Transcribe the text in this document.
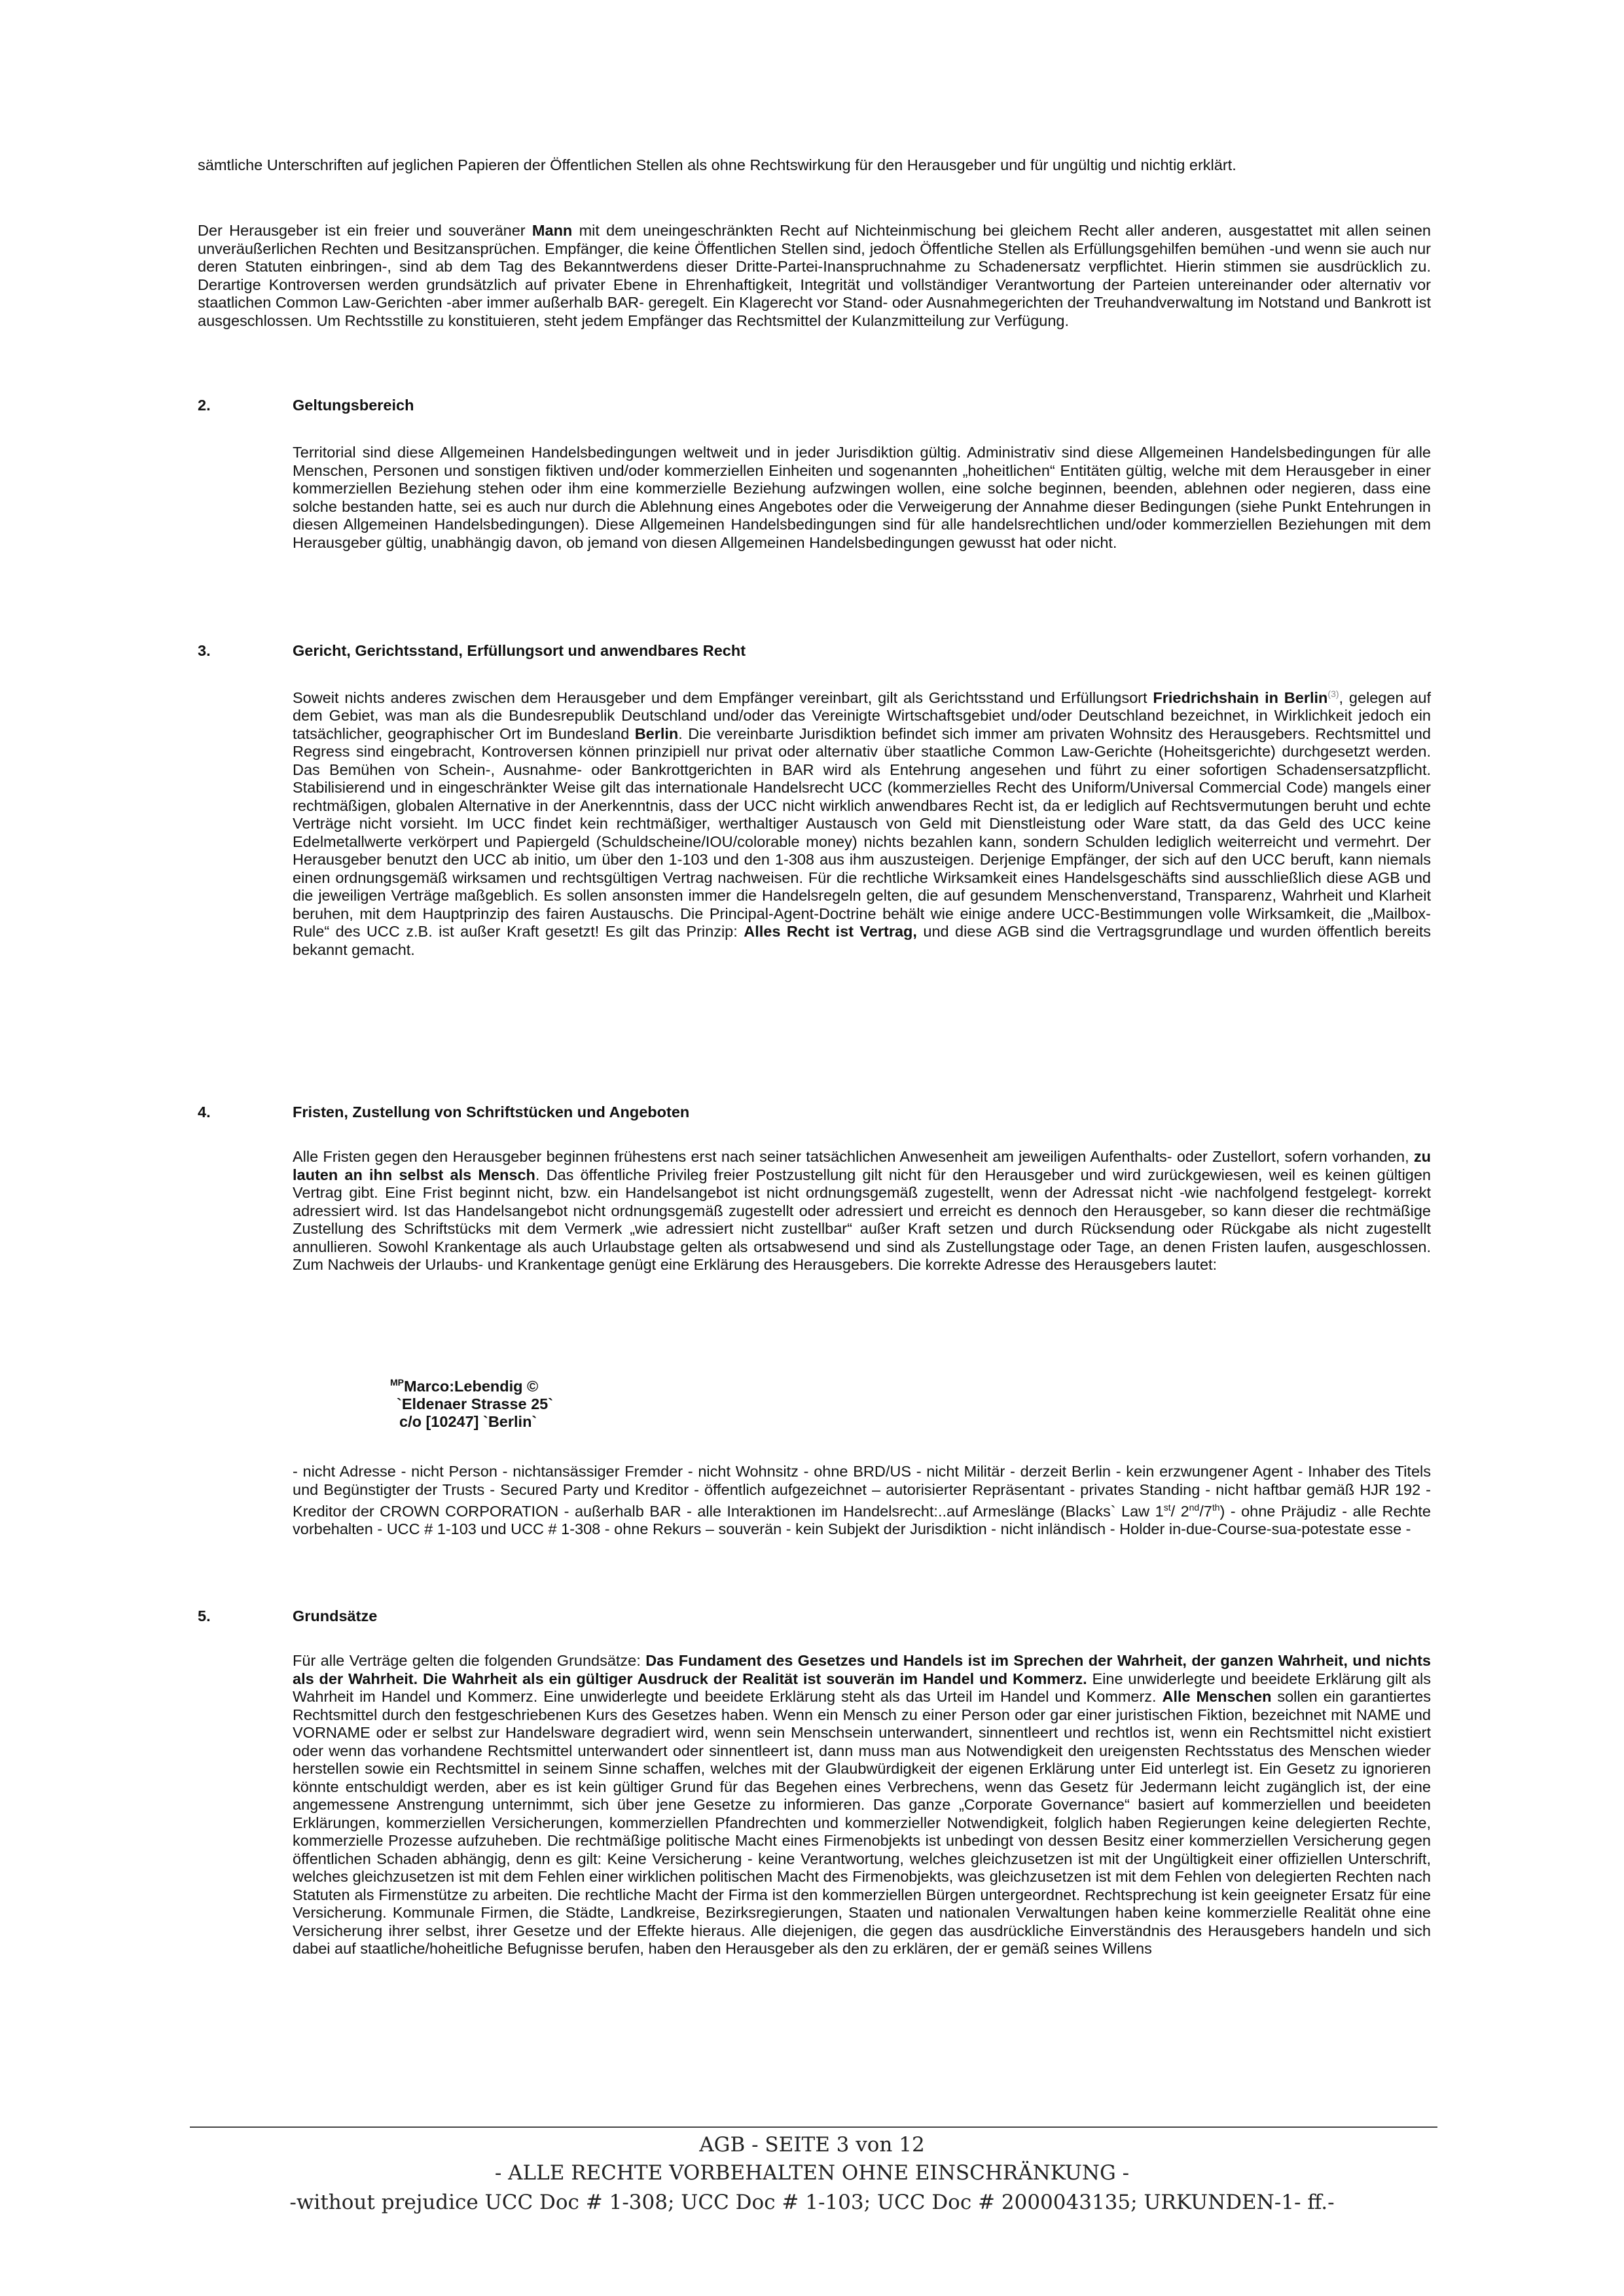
sämtliche Unterschriften auf jeglichen Papieren der Öffentlichen Stellen als ohne Rechtswirkung für den Herausgeber und für ungültig und nichtig erklärt.

Der Herausgeber ist ein freier und souveräner Mann mit dem uneingeschränkten Recht auf Nichteinmischung bei gleichem Recht aller anderen, ausgestattet mit allen seinen unveräußerlichen Rechten und Besitzansprüchen. Empfänger, die keine Öffentlichen Stellen sind, jedoch Öffentliche Stellen als Erfüllungsgehilfen bemühen -und wenn sie auch nur deren Statuten einbringen-, sind ab dem Tag des Bekanntwerdens dieser Dritte-Partei-Inanspruchnahme zu Schadenersatz verpflichtet. Hierin stimmen sie ausdrücklich zu. Derartige Kontroversen werden grundsätzlich auf privater Ebene in Ehrenhaftigkeit, Integrität und vollständiger Verantwortung der Parteien untereinander oder alternativ vor staatlichen Common Law-Gerichten -aber immer außerhalb BAR- geregelt. Ein Klagerecht vor Stand- oder Ausnahmegerichten der Treuhandverwaltung im Notstand und Bankrott ist ausgeschlossen. Um Rechtsstille zu konstituieren, steht jedem Empfänger das Rechtsmittel der Kulanzmitteilung zur Verfügung.

2.	Geltungsbereich

Territorial sind diese Allgemeinen Handelsbedingungen weltweit und in jeder Jurisdiktion gültig. Administrativ sind diese Allgemeinen Handelsbedingungen für alle Menschen, Personen und sonstigen fiktiven und/oder kommerziellen Einheiten und sogenannten „hoheitlichen“ Entitäten gültig, welche mit dem Herausgeber in einer kommerziellen Beziehung stehen oder ihm eine kommerzielle Beziehung aufzwingen wollen, eine solche beginnen, beenden, ablehnen oder negieren, dass eine solche bestanden hatte, sei es auch nur durch die Ablehnung eines Angebotes oder die Verweigerung der Annahme dieser Bedingungen (siehe Punkt Entehrungen in diesen Allgemeinen Handelsbedingungen). Diese Allgemeinen Handelsbedingungen sind für alle handelsrechtlichen und/oder kommerziellen Beziehungen mit dem Herausgeber gültig, unabhängig davon, ob jemand von diesen Allgemeinen Handelsbedingungen gewusst hat oder nicht.

3.	Gericht, Gerichtsstand, Erfüllungsort und anwendbares Recht

Soweit nichts anderes zwischen dem Herausgeber und dem Empfänger vereinbart, gilt als Gerichtsstand und Erfüllungsort Friedrichshain in Berlin$^{(3)}$, gelegen auf dem Gebiet, was man als die Bundesrepublik Deutschland und/oder das Vereinigte Wirtschaftsgebiet und/oder Deutschland bezeichnet, in Wirklichkeit jedoch ein tatsächlicher, geographischer Ort im Bundesland Berlin. Die vereinbarte Jurisdiktion befindet sich immer am privaten Wohnsitz des Herausgebers. Rechtsmittel und Regress sind eingebracht, Kontroversen können prinzipiell nur privat oder alternativ über staatliche Common Law-Gerichte (Hoheitsgerichte) durchgesetzt werden. Das Bemühen von Schein-, Ausnahme- oder Bankrottgerichten in BAR wird als Entehrung angesehen und führt zu einer sofortigen Schadensersatzpflicht. Stabilisierend und in eingeschränkter Weise gilt das internationale Handelsrecht UCC (kommerzielles Recht des Uniform/Universal Commercial Code) mangels einer rechtmäßigen, globalen Alternative in der Anerkenntnis, dass der UCC nicht wirklich anwendbares Recht ist, da er lediglich auf Rechtsvermutungen beruht und echte Verträge nicht vorsieht. Im UCC findet kein rechtmäßiger, werthaltiger Austausch von Geld mit Dienstleistung oder Ware statt, da das Geld des UCC keine Edelmetallwerte verkörpert und Papiergeld (Schuldscheine/IOU/colorable money) nichts bezahlen kann, sondern Schulden lediglich weiterreicht und vermehrt. Der Herausgeber benutzt den UCC ab initio, um über den 1-103 und den 1-308 aus ihm auszusteigen. Derjenige Empfänger, der sich auf den UCC beruft, kann niemals einen ordnungsgemäß wirksamen und rechtsgültigen Vertrag nachweisen. Für die rechtliche Wirksamkeit eines Handelsgeschäfts sind ausschließlich diese AGB und die jeweiligen Verträge maßgeblich. Es sollen ansonsten immer die Handelsregeln gelten, die auf gesundem Menschenverstand, Transparenz, Wahrheit und Klarheit beruhen, mit dem Hauptprinzip des fairen Austauschs. Die Principal-Agent-Doctrine behält wie einige andere UCC-Bestimmungen volle Wirksamkeit, die „Mailbox-Rule“ des UCC z.B. ist außer Kraft gesetzt! Es gilt das Prinzip: Alles Recht ist Vertrag, und diese AGB sind die Vertragsgrundlage und wurden öffentlich bereits bekannt gemacht.

4.	Fristen, Zustellung von Schriftstücken und Angeboten

Alle Fristen gegen den Herausgeber beginnen frühestens erst nach seiner tatsächlichen Anwesenheit am jeweiligen Aufenthalts- oder Zustellort, sofern vorhanden, zu lauten an ihn selbst als Mensch. Das öffentliche Privileg freier Postzustellung gilt nicht für den Herausgeber und wird zurückgewiesen, weil es keinen gültigen Vertrag gibt. Eine Frist beginnt nicht, bzw. ein Handelsangebot ist nicht ordnungsgemäß zugestellt, wenn der Adressat nicht -wie nachfolgend festgelegt- korrekt adressiert wird. Ist das Handelsangebot nicht ordnungsgemäß zugestellt oder adressiert und erreicht es dennoch den Herausgeber, so kann dieser die rechtmäßige Zustellung des Schriftstücks mit dem Vermerk „wie adressiert nicht zustellbar“ außer Kraft setzen und durch Rücksendung oder Rückgabe als nicht zugestellt annullieren. Sowohl Krankentage als auch Urlaubstage gelten als ortsabwesend und sind als Zustellungstage oder Tage, an denen Fristen laufen, ausgeschlossen. Zum Nachweis der Urlaubs- und Krankentage genügt eine Erklärung des Herausgebers. Die korrekte Adresse des Herausgebers lautet:

$^{MP}$Marco:Lebendig ©
`Eldenaer Strasse 25`
c/o [10247] `Berlin`

- nicht Adresse - nicht Person - nichtansässiger Fremder - nicht Wohnsitz - ohne BRD/US - nicht Militär - derzeit Berlin - kein erzwungener Agent - Inhaber des Titels und Begünstigter der Trusts - Secured Party und Kreditor - öffentlich aufgezeichnet – autorisierter Repräsentant - privates Standing - nicht haftbar gemäß HJR 192 - Kreditor der CROWN CORPORATION - außerhalb BAR - alle Interaktionen im Handelsrecht:..auf Armeslänge (Blacks` Law 1st/ 2nd/7th) - ohne Präjudiz - alle Rechte vorbehalten - UCC # 1-103 und UCC # 1-308 - ohne Rekurs – souverän - kein Subjekt der Jurisdiktion - nicht inländisch - Holder in-due-Course-sua-potestate esse -

5.	Grundsätze

Für alle Verträge gelten die folgenden Grundsätze: Das Fundament des Gesetzes und Handels ist im Sprechen der Wahrheit, der ganzen Wahrheit, und nichts als der Wahrheit. Die Wahrheit als ein gültiger Ausdruck der Realität ist souverän im Handel und Kommerz. Eine unwiderlegte und beeidete Erklärung gilt als Wahrheit im Handel und Kommerz. Eine unwiderlegte und beeidete Erklärung steht als das Urteil im Handel und Kommerz. Alle Menschen sollen ein garantiertes Rechtsmittel durch den festgeschriebenen Kurs des Gesetzes haben. Wenn ein Mensch zu einer Person oder gar einer juristischen Fiktion, bezeichnet mit NAME und VORNAME oder er selbst zur Handelsware degradiert wird, wenn sein Menschsein unterwandert, sinnentleert und rechtlos ist, wenn ein Rechtsmittel nicht existiert oder wenn das vorhandene Rechtsmittel unterwandert oder sinnentleert ist, dann muss man aus Notwendigkeit den ureigensten Rechtsstatus des Menschen wieder herstellen sowie ein Rechtsmittel in seinem Sinne schaffen, welches mit der Glaubwürdigkeit der eigenen Erklärung unter Eid unterlegt ist. Ein Gesetz zu ignorieren könnte entschuldigt werden, aber es ist kein gültiger Grund für das Begehen eines Verbrechens, wenn das Gesetz für Jedermann leicht zugänglich ist, der eine angemessene Anstrengung unternimmt, sich über jene Gesetze zu informieren. Das ganze „Corporate Governance“ basiert auf kommerziellen und beeideten Erklärungen, kommerziellen Versicherungen, kommerziellen Pfandrechten und kommerzieller Notwendigkeit, folglich haben Regierungen keine delegierten Rechte, kommerzielle Prozesse aufzuheben. Die rechtmäßige politische Macht eines Firmenobjekts ist unbedingt von dessen Besitz einer kommerziellen Versicherung gegen öffentlichen Schaden abhängig, denn es gilt: Keine Versicherung - keine Verantwortung, welches gleichzusetzen ist mit der Ungültigkeit einer offiziellen Unterschrift, welches gleichzusetzen ist mit dem Fehlen einer wirklichen politischen Macht des Firmenobjekts, was gleichzusetzen ist mit dem Fehlen von delegierten Rechten nach Statuten als Firmenstütze zu arbeiten. Die rechtliche Macht der Firma ist den kommerziellen Bürgen untergeordnet. Rechtsprechung ist kein geeigneter Ersatz für eine Versicherung. Kommunale Firmen, die Städte, Landkreise, Bezirksregierungen, Staaten und nationalen Verwaltungen haben keine kommerzielle Realität ohne eine Versicherung ihrer selbst, ihrer Gesetze und der Effekte hieraus. Alle diejenigen, die gegen das ausdrückliche Einverständnis des Herausgebers handeln und sich dabei auf staatliche/hoheitliche Befugnisse berufen, haben den Herausgeber als den zu erklären, der er gemäß seines Willens

AGB - SEITE 3 von 12
- ALLE RECHTE VORBEHALTEN OHNE EINSCHRÄNKUNG -
-without prejudice UCC Doc # 1-308; UCC Doc # 1-103; UCC Doc # 2000043135; URKUNDEN-1- ff.-
